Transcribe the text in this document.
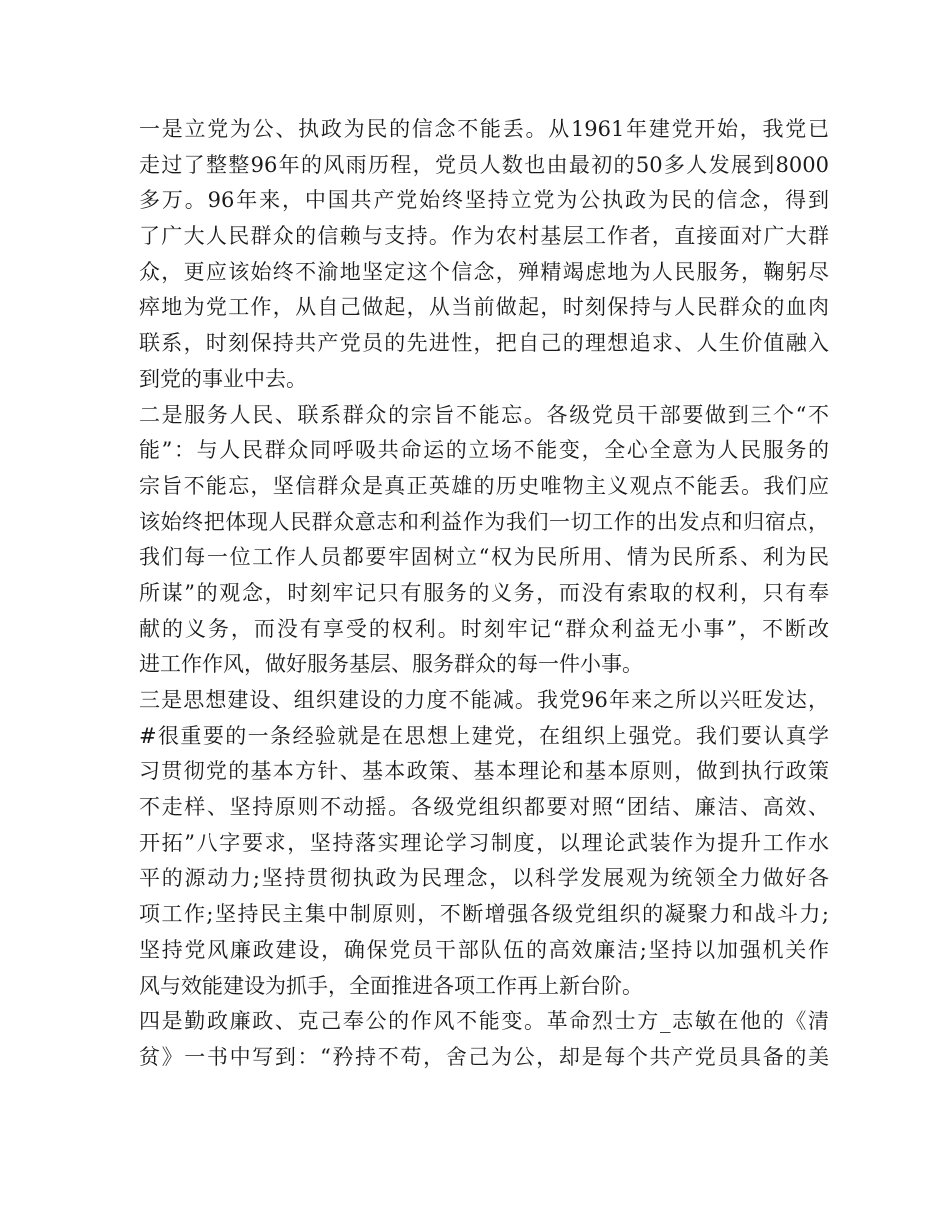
一是立党为公、执政为民的信念不能丢。从1961年建党开始，我党已
走过了整整96年的风雨历程，党员人数也由最初的50多人发展到8000
多万。96年来，中国共产党始终坚持立党为公执政为民的信念，得到
了广大人民群众的信赖与支持。作为农村基层工作者，直接面对广大群
众，更应该始终不渝地坚定这个信念，殚精竭虑地为人民服务，鞠躬尽
瘁地为党工作，从自己做起，从当前做起，时刻保持与人民群众的血肉
联系，时刻保持共产党员的先进性，把自己的理想追求、人生价值融入
到党的事业中去。
二是服务人民、联系群众的宗旨不能忘。各级党员干部要做到三个“不
能”：与人民群众同呼吸共命运的立场不能变，全心全意为人民服务的
宗旨不能忘，坚信群众是真正英雄的历史唯物主义观点不能丢。我们应
该始终把体现人民群众意志和利益作为我们一切工作的出发点和归宿点，
我们每一位工作人员都要牢固树立“权为民所用、情为民所系、利为民
所谋”的观念，时刻牢记只有服务的义务，而没有索取的权利，只有奉
献的义务，而没有享受的权利。时刻牢记“群众利益无小事”，不断改
进工作作风，做好服务基层、服务群众的每一件小事。
三是思想建设、组织建设的力度不能减。我党96年来之所以兴旺发达，
#很重要的一条经验就是在思想上建党，在组织上强党。我们要认真学
习贯彻党的基本方针、基本政策、基本理论和基本原则，做到执行政策
不走样、坚持原则不动摇。各级党组织都要对照“团结、廉洁、高效、
开拓”八字要求，坚持落实理论学习制度，以理论武装作为提升工作水
平的源动力;坚持贯彻执政为民理念，以科学发展观为统领全力做好各
项工作;坚持民主集中制原则，不断增强各级党组织的凝聚力和战斗力;
坚持党风廉政建设，确保党员干部队伍的高效廉洁;坚持以加强机关作
风与效能建设为抓手，全面推进各项工作再上新台阶。
四是勤政廉政、克己奉公的作风不能变。革命烈士方_志敏在他的《清
贫》一书中写到：“矜持不苟，舍己为公，却是每个共产党员具备的美
